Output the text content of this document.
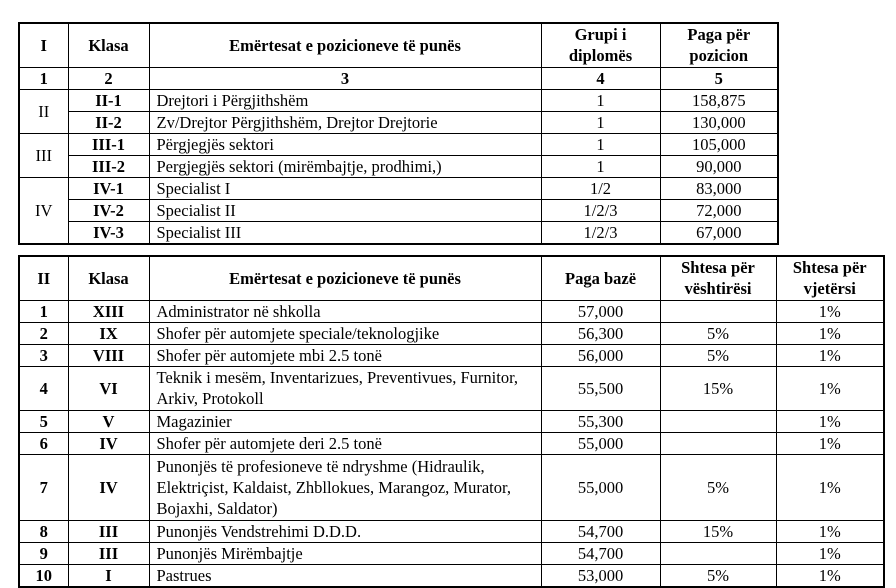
I	Klasa	Emërtesat e pozicioneve të punës	Grupi i diplomës	Paga për pozicion
1	2	3	4	5
II	II-1	Drejtori i Përgjithshëm	1	158,875
	II-2	Zv/Drejtor Përgjithshëm, Drejtor Drejtorie	1	130,000
III	III-1	Përgjegjës sektori	1	105,000
	III-2	Pergjegjës sektori (mirëmbajtje, prodhimi,)	1	90,000
IV	IV-1	Specialist I	1/2	83,000
	IV-2	Specialist II	1/2/3	72,000
	IV-3	Specialist III	1/2/3	67,000
II	Klasa	Emërtesat e pozicioneve të punës	Paga bazë	Shtesa për vështirësi	Shtesa për vjetërsi
1	XIII	Administrator në shkolla	57,000		1%
2	IX	Shofer për automjete speciale/teknologjike	56,300	5%	1%
3	VIII	Shofer për automjete mbi 2.5 tonë	56,000	5%	1%
4	VI	Teknik i mesëm, Inventarizues, Preventivues, Furnitor, Arkiv, Protokoll	55,500	15%	1%
5	V	Magazinier	55,300		1%
6	IV	Shofer për automjete deri 2.5 tonë	55,000		1%
7	IV	Punonjës të profesioneve të ndryshme (Hidraulik, Elektriçist, Kaldaist, Zhbllokues, Marangoz, Murator, Bojaxhi, Saldator)	55,000	5%	1%
8	III	Punonjës Vendstrehimi D.D.D.	54,700	15%	1%
9	III	Punonjës Mirëmbajtje	54,700		1%
10	I	Pastrues	53,000	5%	1%
